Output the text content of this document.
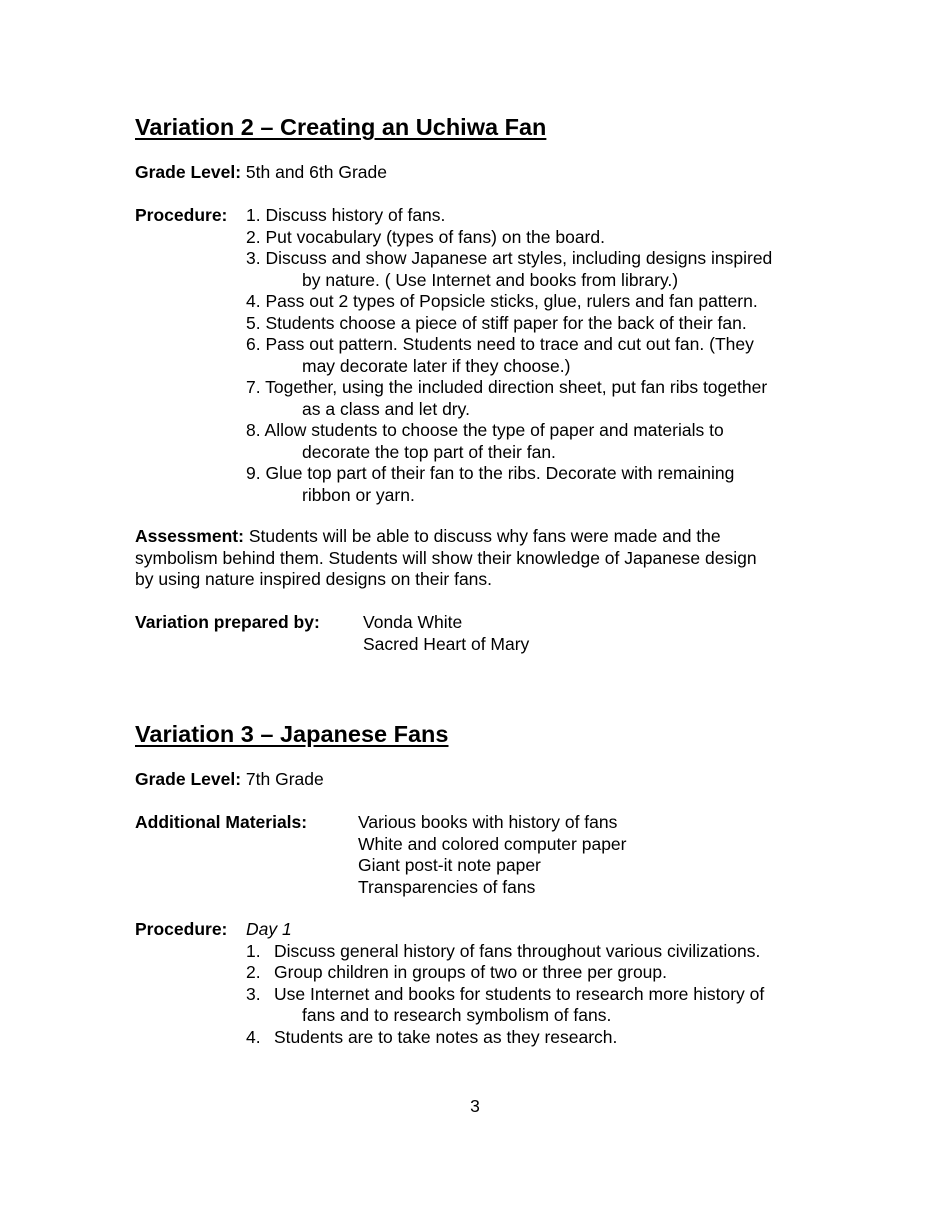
Variation 2 – Creating an Uchiwa Fan
Grade Level: 5th and 6th Grade
Procedure: 1. Discuss history of fans.
2. Put vocabulary (types of fans) on the board.
3. Discuss and show Japanese art styles, including designs inspired
by nature. ( Use Internet and books from library.)
4. Pass out 2 types of Popsicle sticks, glue, rulers and fan pattern.
5. Students choose a piece of stiff paper for the back of their fan.
6. Pass out pattern. Students need to trace and cut out fan. (They
may decorate later if they choose.)
7. Together, using the included direction sheet, put fan ribs together
as a class and let dry.
8. Allow students to choose the type of paper and materials to
decorate the top part of their fan.
9. Glue top part of their fan to the ribs. Decorate with remaining
ribbon or yarn.
Assessment: Students will be able to discuss why fans were made and the
symbolism behind them. Students will show their knowledge of Japanese design
by using nature inspired designs on their fans.
Variation prepared by: Vonda White
Sacred Heart of Mary
Variation 3 – Japanese Fans
Grade Level: 7th Grade
Additional Materials:	Various books with history of fans
White and colored computer paper
Giant post-it note paper
Transparencies of fans
Procedure: Day 1
1. Discuss general history of fans throughout various civilizations.
2. Group children in groups of two or three per group.
3. Use Internet and books for students to research more history of
fans and to research symbolism of fans.
4. Students are to take notes as they research.
3
